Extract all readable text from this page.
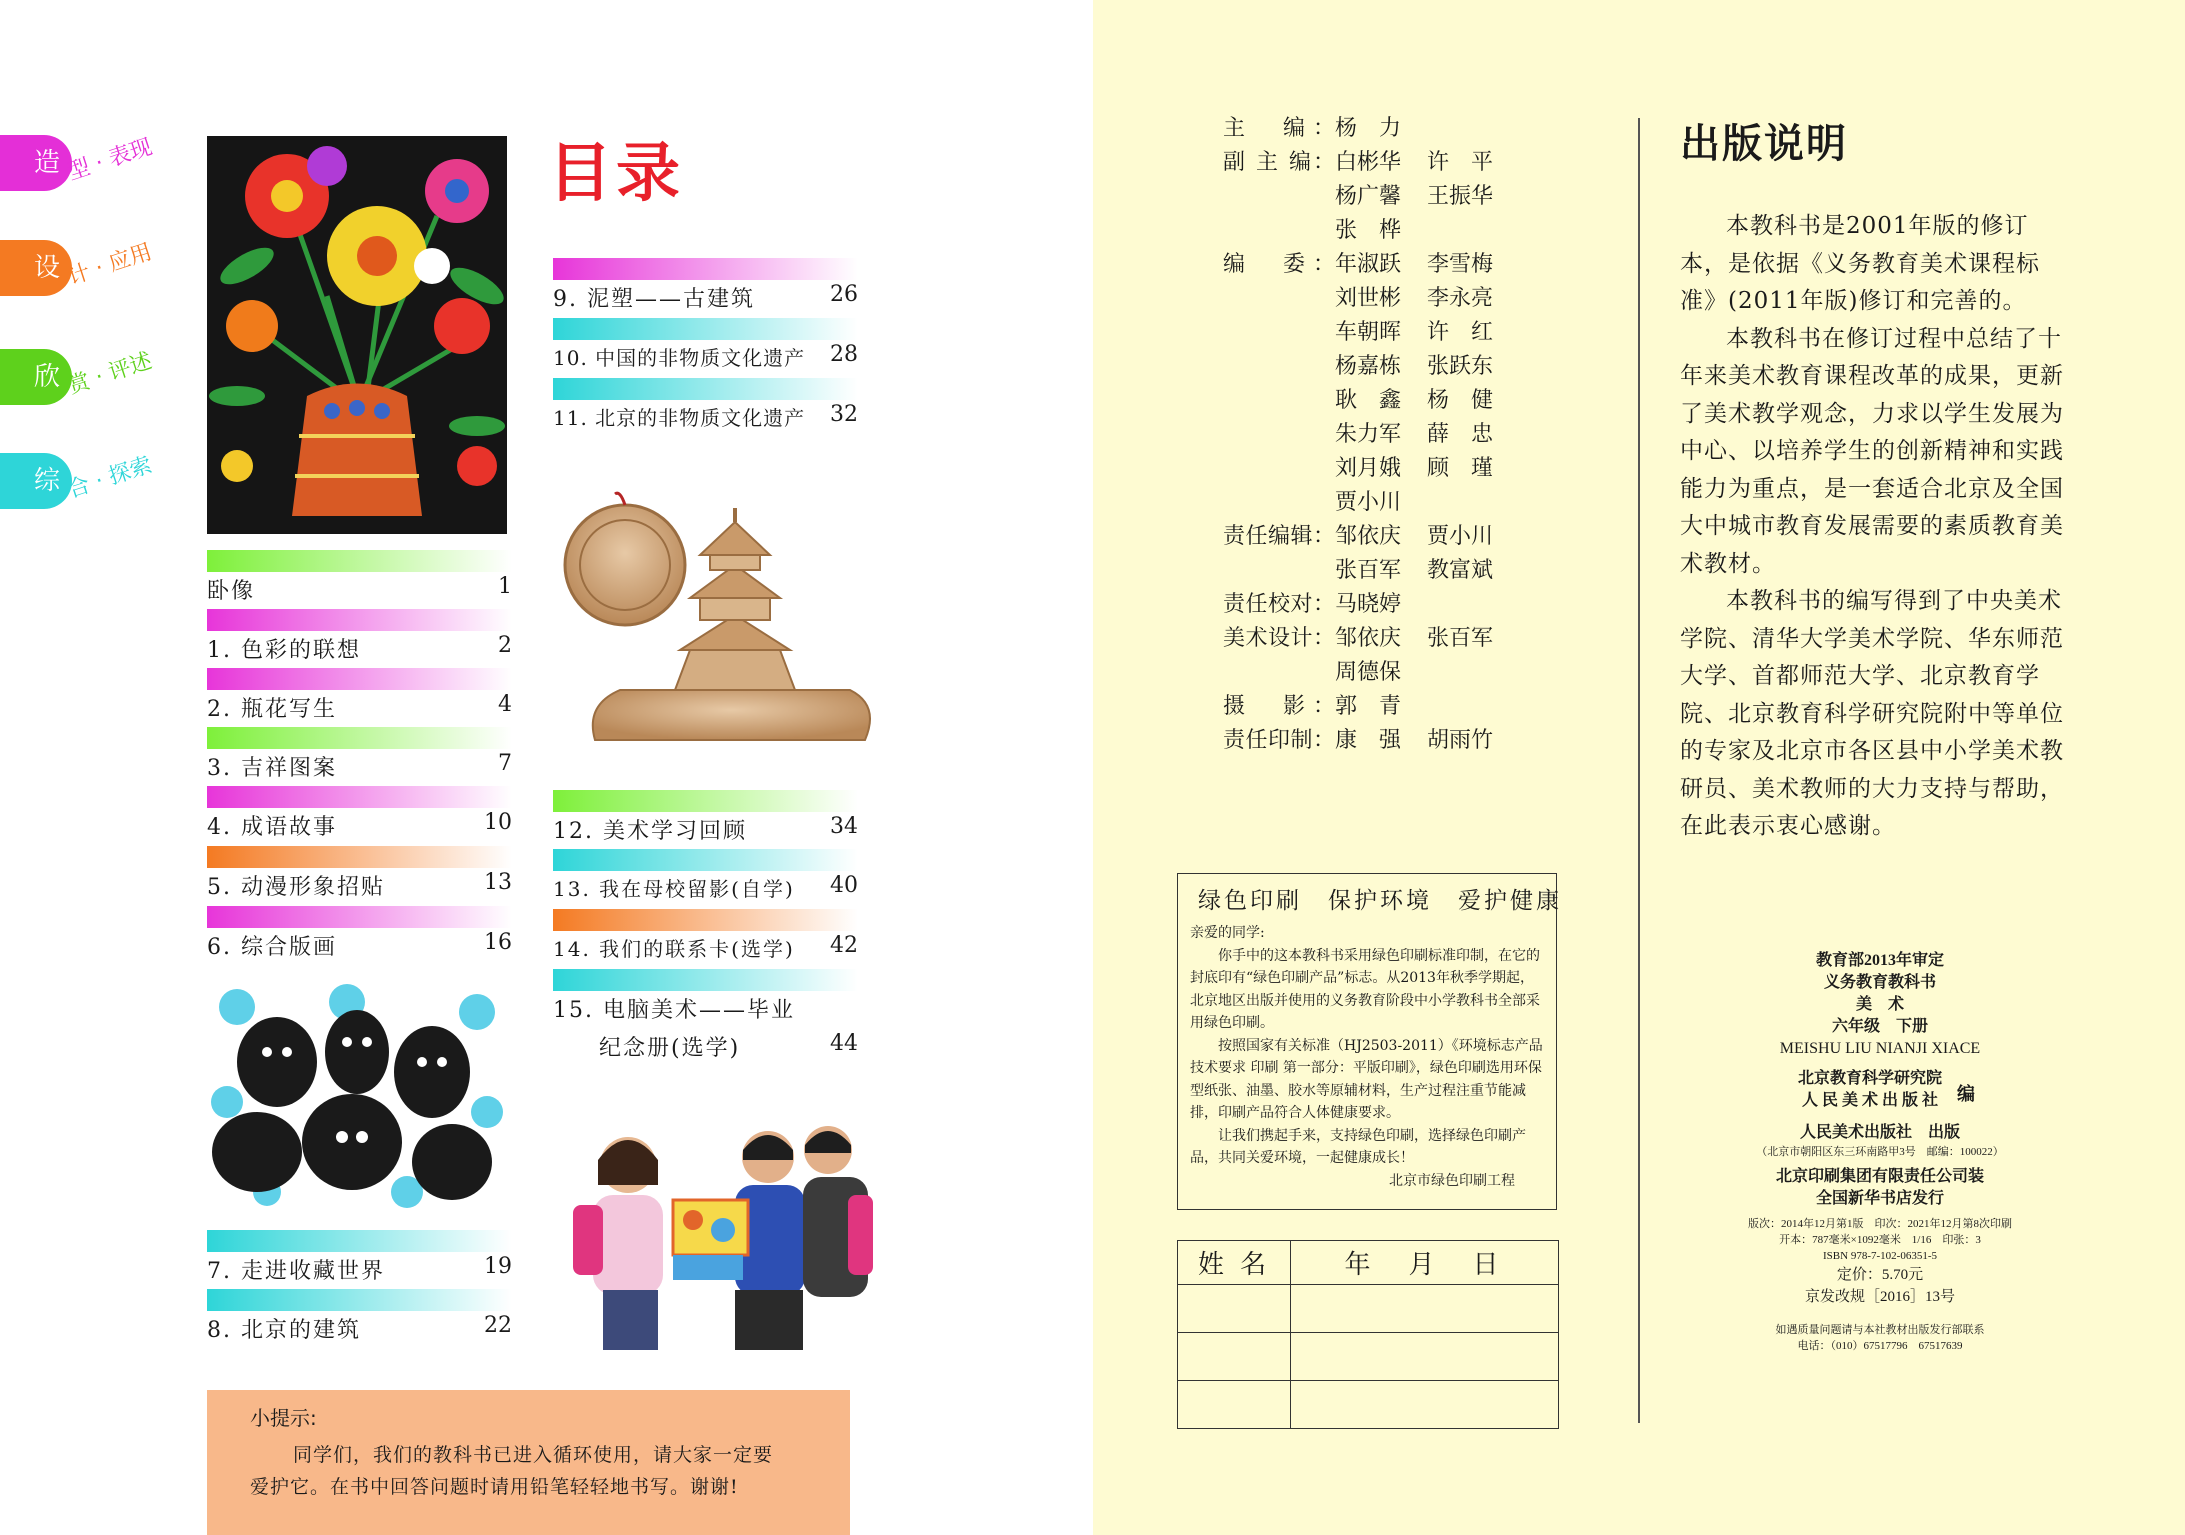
造 型 · 表现
设 计 · 应用
欣 赏 · 评述
综 合 · 探索
目录
卧像	1
1. 色彩的联想	2
2. 瓶花写生	4
3. 吉祥图案	7
4. 成语故事	10
5. 动漫形象招贴	13
6. 综合版画	16
7. 走进收藏世界	19
8. 北京的建筑	22
9. 泥塑——古建筑	26
10. 中国的非物质文化遗产 28
11. 北京的非物质文化遗产 32
12. 美术学习回顾	34
13. 我在母校留影(自学) 40
14. 我们的联系卡(选学) 42
15. 电脑美术——毕业
纪念册(选学)	44
小提示:
同学们，我们的教科书已进入循环使用，请大家一定要
爱护它。在书中回答问题时请用铅笔轻轻地书写。谢谢!
主　编：杨　力
副 主 编：白彬华 许　平
杨广馨 王振华
张　桦
编　委：年淑跃 李雪梅
刘世彬 李永亮
车朝晖 许　红
杨嘉栋 张跃东
耿　鑫 杨　健
朱力军 薛　忠
刘月娥 顾　瑾
贾小川
责任编辑：邹依庆 贾小川
张百军 教富斌
责任校对：马晓婷
美术设计：邹依庆 张百军
周德保
摄　影：郭　青
责任印制：康　强 胡雨竹
绿色印刷　保护环境　爱护健康

亲爱的同学:

　　你手中的这本教科书采用绿色印刷标准印制，在它的封底印有“绿色印刷产品”标志。从2013年秋季学期起，北京地区出版并使用的义务教育阶段中小学教科书全部采用绿色印刷。

　　按照国家有关标准（HJ2503-2011）《环境标志产品技术要求 印刷 第一部分：平版印刷》，绿色印刷选用环保型纸张、油墨、胶水等原辅材料，生产过程注重节能减排，印刷产品符合人体健康要求。

　　让我们携起手来，支持绿色印刷，选择绿色印刷产品，共同关爱环境，一起健康成长！

北京市绿色印刷工程

姓 名	年　月　日

出版说明

本教科书是2001年版的修订本，是依据《义务教育美术课程标准》(2011年版)修订和完善的。

本教科书在修订过程中总结了十年来美术教育课程改革的成果，更新了美术教学观念，力求以学生发展为中心、以培养学生的创新精神和实践能力为重点，是一套适合北京及全国大中城市教育发展需要的素质教育美术教材。

本教科书的编写得到了中央美术学院、清华大学美术学院、华东师范大学、首都师范大学、北京教育学院、北京教育科学研究院附中等单位的专家及北京市各区县中小学美术教研员、美术教师的大力支持与帮助，在此表示衷心感谢。

教育部2013年审定
义务教育教科书
美　术
六年级　下册
MEISHU LIU NIANJI XIACE
北京教育科学研究院
人 民 美 术 出 版 社	编
人民美术出版社　出版
（北京市朝阳区东三环南路甲3号　邮编：100022）
北京印刷集团有限责任公司装
全国新华书店发行
版次：2014年12月第1版　印次：2021年12月第8次印刷
开本：787毫米×1092毫米　1/16　印张：3
ISBN 978-7-102-06351-5
定价：5.70元
京发改规［2016］13号
如遇质量问题请与本社教材出版发行部联系
电话：（010）67517796　67517639
